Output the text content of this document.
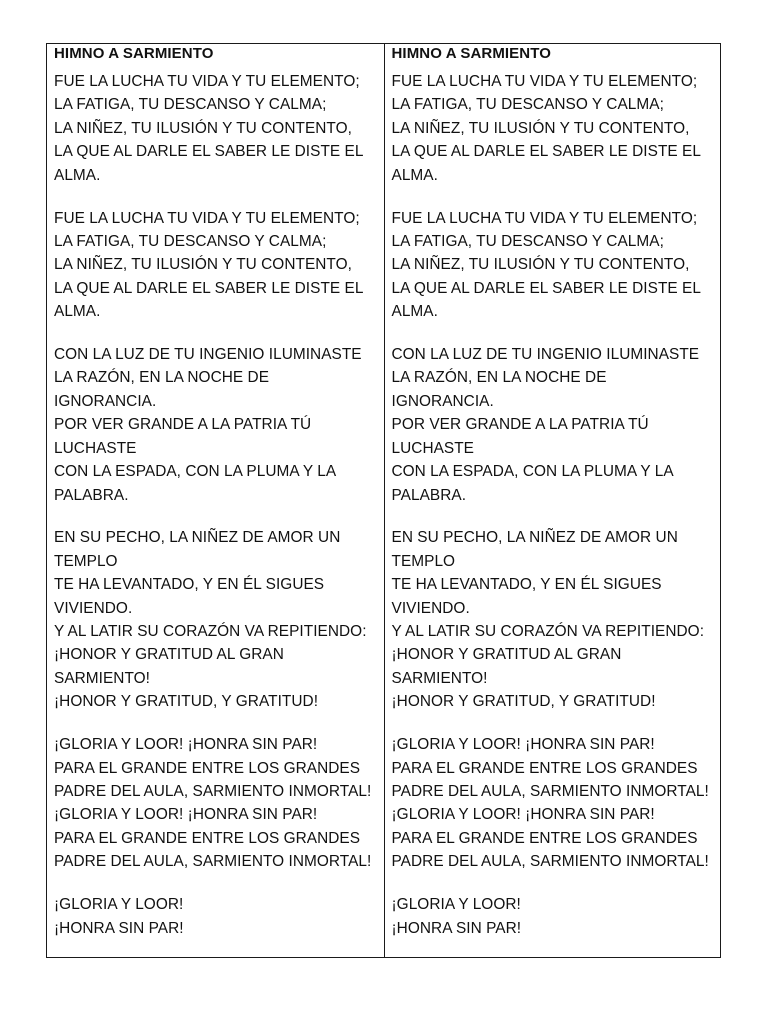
HIMNO A SARMIENTO
FUE LA LUCHA TU VIDA Y TU ELEMENTO;
LA FATIGA, TU DESCANSO Y CALMA;
LA NIÑEZ, TU ILUSIÓN Y TU CONTENTO,
LA QUE AL DARLE EL SABER LE DISTE EL
ALMA.
FUE LA LUCHA TU VIDA Y TU ELEMENTO;
LA FATIGA, TU DESCANSO Y CALMA;
LA NIÑEZ, TU ILUSIÓN Y TU CONTENTO,
LA QUE AL DARLE EL SABER LE DISTE EL
ALMA.
CON LA LUZ DE TU INGENIO ILUMINASTE
LA RAZÓN, EN LA NOCHE DE
IGNORANCIA.
POR VER GRANDE A LA PATRIA TÚ
LUCHASTE
CON LA ESPADA, CON LA PLUMA Y LA
PALABRA.
EN SU PECHO, LA NIÑEZ DE AMOR UN
TEMPLO
TE HA LEVANTADO, Y EN ÉL SIGUES
VIVIENDO.
Y AL LATIR SU CORAZÓN VA REPITIENDO:
¡HONOR Y GRATITUD AL GRAN
SARMIENTO!
¡HONOR Y GRATITUD, Y GRATITUD!
¡GLORIA Y LOOR! ¡HONRA SIN PAR!
PARA EL GRANDE ENTRE LOS GRANDES
PADRE DEL AULA, SARMIENTO INMORTAL!
¡GLORIA Y LOOR! ¡HONRA SIN PAR!
PARA EL GRANDE ENTRE LOS GRANDES
PADRE DEL AULA, SARMIENTO INMORTAL!
¡GLORIA Y LOOR!
¡HONRA SIN PAR!
HIMNO A SARMIENTO
FUE LA LUCHA TU VIDA Y TU ELEMENTO;
LA FATIGA, TU DESCANSO Y CALMA;
LA NIÑEZ, TU ILUSIÓN Y TU CONTENTO,
LA QUE AL DARLE EL SABER LE DISTE EL
ALMA.
FUE LA LUCHA TU VIDA Y TU ELEMENTO;
LA FATIGA, TU DESCANSO Y CALMA;
LA NIÑEZ, TU ILUSIÓN Y TU CONTENTO,
LA QUE AL DARLE EL SABER LE DISTE EL
ALMA.
CON LA LUZ DE TU INGENIO ILUMINASTE
LA RAZÓN, EN LA NOCHE DE
IGNORANCIA.
POR VER GRANDE A LA PATRIA TÚ
LUCHASTE
CON LA ESPADA, CON LA PLUMA Y LA
PALABRA.
EN SU PECHO, LA NIÑEZ DE AMOR UN
TEMPLO
TE HA LEVANTADO, Y EN ÉL SIGUES
VIVIENDO.
Y AL LATIR SU CORAZÓN VA REPITIENDO:
¡HONOR Y GRATITUD AL GRAN
SARMIENTO!
¡HONOR Y GRATITUD, Y GRATITUD!
¡GLORIA Y LOOR! ¡HONRA SIN PAR!
PARA EL GRANDE ENTRE LOS GRANDES
PADRE DEL AULA, SARMIENTO INMORTAL!
¡GLORIA Y LOOR! ¡HONRA SIN PAR!
PARA EL GRANDE ENTRE LOS GRANDES
PADRE DEL AULA, SARMIENTO INMORTAL!
¡GLORIA Y LOOR!
¡HONRA SIN PAR!
